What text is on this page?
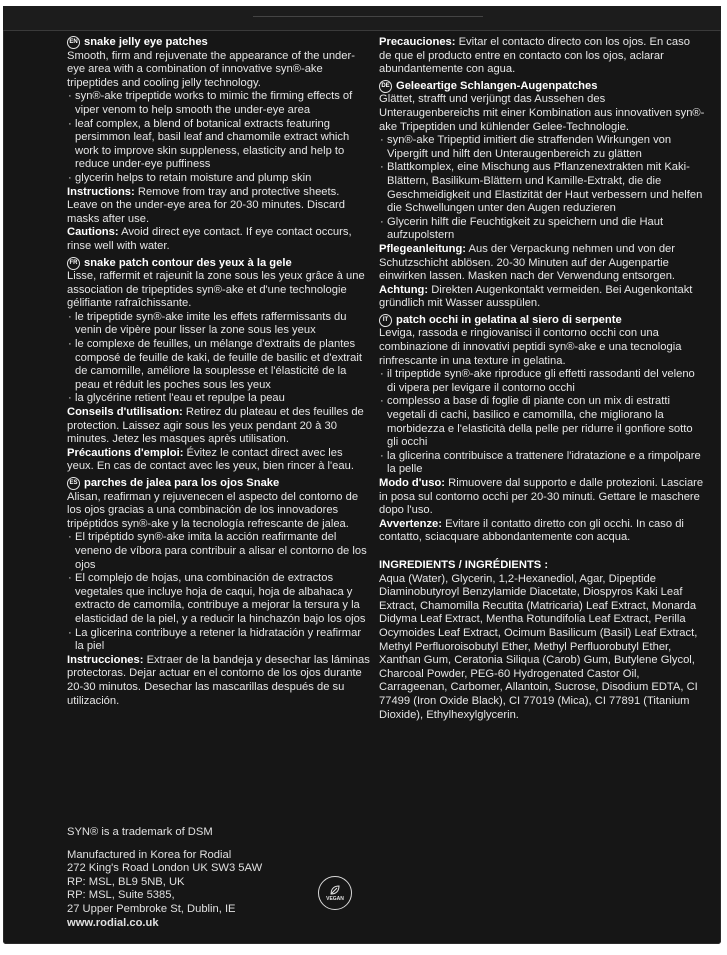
EN snake jelly eye patches

Smooth, firm and rejuvenate the appearance of the under-eye area with a combination of innovative syn®-ake tripeptides and cooling jelly technology.

· syn®-ake tripeptide works to mimic the firming effects of viper venom to help smooth the under-eye area
· leaf complex, a blend of botanical extracts featuring persimmon leaf, basil leaf and chamomile extract which work to improve skin suppleness, elasticity and help to reduce under-eye puffiness
· glycerin helps to retain moisture and plump skin

Instructions: Remove from tray and protective sheets. Leave on the under-eye area for 20-30 minutes. Discard masks after use.

Cautions: Avoid direct eye contact. If eye contact occurs, rinse well with water.

FR snake patch contour des yeux à la gele

Lisse, raffermit et rajeunit la zone sous les yeux grâce à une association de tripeptides syn®-ake et d'une technologie gélifiante rafraîchissante.

· le tripeptide syn®-ake imite les effets raffermissants du venin de vipère pour lisser la zone sous les yeux
· le complexe de feuilles, un mélange d'extraits de plantes composé de feuille de kaki, de feuille de basilic et d'extrait de camomille, améliore la souplesse et l'élasticité de la peau et réduit les poches sous les yeux
· la glycérine retient l'eau et repulpe la peau

Conseils d'utilisation: Retirez du plateau et des feuilles de protection. Laissez agir sous les yeux pendant 20 à 30 minutes. Jetez les masques après utilisation.

Précautions d'emploi: Évitez le contact direct avec les yeux. En cas de contact avec les yeux, bien rincer à l'eau.

ES parches de jalea para los ojos Snake

Alisan, reafirman y rejuvenecen el aspecto del contorno de los ojos gracias a una combinación de los innovadores tripéptidos syn®-ake y la tecnología refrescante de jalea.

· El tripéptido syn®-ake imita la acción reafirmante del veneno de víbora para contribuir a alisar el contorno de los ojos
· El complejo de hojas, una combinación de extractos vegetales que incluye hoja de caqui, hoja de albahaca y extracto de camomila, contribuye a mejorar la tersura y la elasticidad de la piel, y a reducir la hinchazón bajo los ojos
· La glicerina contribuye a retener la hidratación y reafirmar la piel

Instrucciones: Extraer de la bandeja y desechar las láminas protectoras. Dejar actuar en el contorno de los ojos durante 20-30 minutos. Desechar las mascarillas después de su utilización.

Precauciones: Evitar el contacto directo con los ojos. En caso de que el producto entre en contacto con los ojos, aclarar abundantemente con agua.

DE Geleeartige Schlangen-Augenpatches

Glättet, strafft und verjüngt das Aussehen des Unteraugenbereichs mit einer Kombination aus innovativen syn®-ake Tripeptiden und kühlender Gelee-Technologie.

· syn®-ake Tripeptid imitiert die straffenden Wirkungen von Vipergift und hilft den Unteraugenbereich zu glätten
· Blattkomplex, eine Mischung aus Pflanzenextrakten mit Kaki-Blättern, Basilikum-Blättern und Kamille-Extrakt, die die Geschmeidigkeit und Elastizität der Haut verbessern und helfen die Schwellungen unter den Augen reduzieren
· Glycerin hilft die Feuchtigkeit zu speichern und die Haut aufzupolstern

Pflegeanleitung: Aus der Verpackung nehmen und von der Schutzschicht ablösen. 20-30 Minuten auf der Augenpartie einwirken lassen. Masken nach der Verwendung entsorgen.

Achtung: Direkten Augenkontakt vermeiden. Bei Augenkontakt gründlich mit Wasser ausspülen.

IT patch occhi in gelatina al siero di serpente

Leviga, rassoda e ringiovanisci il contorno occhi con una combinazione di innovativi peptidi syn®-ake e una tecnologia rinfrescante in una texture in gelatina.

· il tripeptide syn®-ake riproduce gli effetti rassodanti del veleno di vipera per levigare il contorno occhi
· complesso a base di foglie di piante con un mix di estratti vegetali di cachi, basilico e camomilla, che migliorano la morbidezza e l'elasticità della pelle per ridurre il gonfiore sotto gli occhi
· la glicerina contribuisce a trattenere l'idratazione e a rimpolpare la pelle

Modo d'uso: Rimuovere dal supporto e dalle protezioni. Lasciare in posa sul contorno occhi per 20-30 minuti. Gettare le maschere dopo l'uso.

Avvertenze: Evitare il contatto diretto con gli occhi. In caso di contatto, sciacquare abbondantemente con acqua.

INGREDIENTS / INGRÉDIENTS :

Aqua (Water), Glycerin, 1,2-Hexanediol, Agar, Dipeptide Diaminobutyroyl Benzylamide Diacetate, Diospyros Kaki Leaf Extract, Chamomilla Recutita (Matricaria) Leaf Extract, Monarda Didyma Leaf Extract, Mentha Rotundifolia Leaf Extract, Perilla Ocymoides Leaf Extract, Ocimum Basilicum (Basil) Leaf Extract, Methyl Perfluoroisobutyl Ether, Methyl Perfluorobutyl Ether, Xanthan Gum, Ceratonia Siliqua (Carob) Gum, Butylene Glycol, Charcoal Powder, PEG-60 Hydrogenated Castor Oil, Carrageenan, Carbomer, Allantoin, Sucrose, Disodium EDTA, CI 77499 (Iron Oxide Black), CI 77019 (Mica), CI 77891 (Titanium Dioxide), Ethylhexylglycerin.

SYN® is a trademark of DSM

Manufactured in Korea for Rodial

272 King's Road London UK SW3 5AW

RP: MSL, BL9 5NB, UK

RP: MSL, Suite 5385,

27 Upper Pembroke St, Dublin, IE

www.rodial.co.uk

VEGAN
